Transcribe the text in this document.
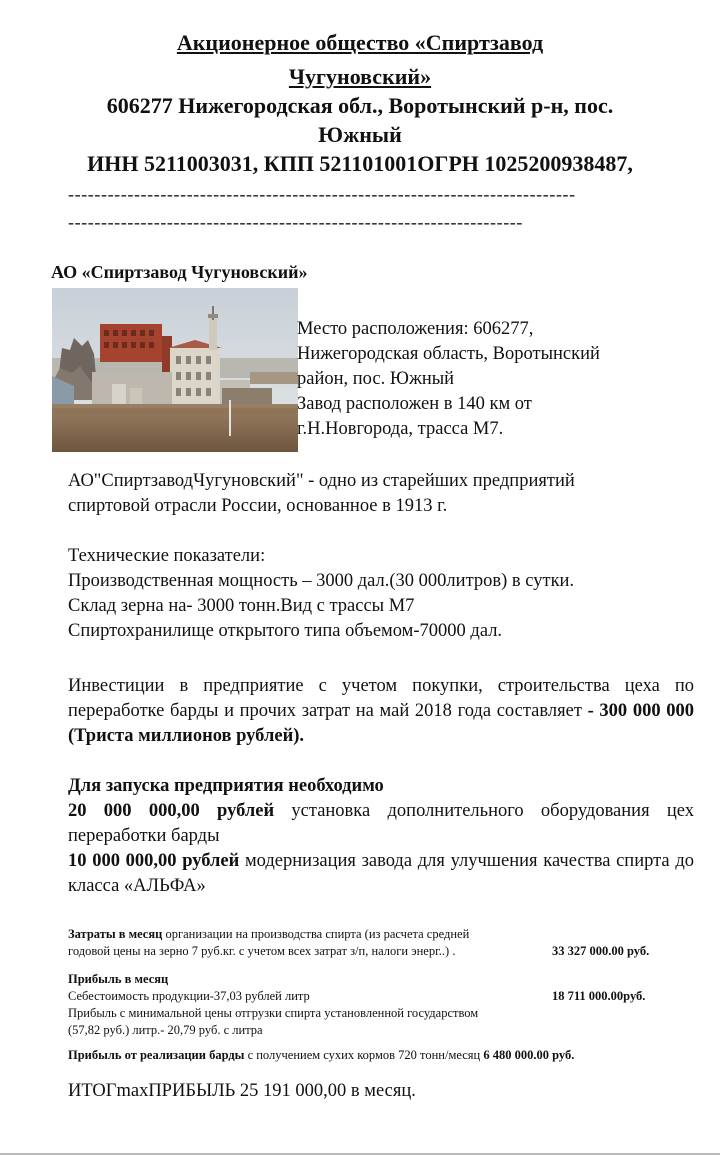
Акционерное общество «Спиртзавод
Чугуновский»
606277 Нижегородская обл., Воротынский р-н, пос.
Южный
ИНН 5211003031, КПП 521101001ОГРН 1025200938487,
-----------------------------------------------------------------------------
---------------------------------------------------------------------
АО «Спиртзавод Чугуновский»
Место расположения: 606277,
Нижегородская область, Воротынский
район, пос. Южный
Завод расположен в 140 км от
г.Н.Новгорода, трасса М7.
АО"СпиртзаводЧугуновский" - одно из старейших предприятий
спиртовой отрасли России, основанное в 1913 г.
Технические показатели:
Производственная мощность – 3000 дал.(30 000литров) в сутки.
Склад зерна на- 3000 тонн.Вид с трассы М7
Спиртохранилище открытого типа объемом-70000 дал.
Инвестиции в предприятие с учетом покупки, строительства цеха по переработке барды и прочих затрат на май 2018 года составляет - 300 000 000 (Триста миллионов рублей).
Для запуска предприятия необходимо
20 000 000,00 рублей установка дополнительного оборудования цех переработки барды
10 000 000,00 рублей модернизация завода для улучшения качества спирта до класса «АЛЬФА»
Затраты в месяц организации на производства спирта (из расчета средней
годовой цены на зерно 7 руб.кг. с учетом всех затрат з/п, налоги энерг..) .	33 327 000.00 руб.
Прибыль в месяц
Себестоимость продукции-37,03 рублей литр	18 711 000.00руб.
Прибыль с минимальной цены отгрузки спирта установленной государством
(57,82 руб.) литр.- 20,79 руб. с литра
Прибыль от реализации барды с получением сухих кормов 720 тонн/месяц 6 480 000.00 руб.
ИТОГmaxПРИБЫЛЬ 25 191 000,00 в месяц.
